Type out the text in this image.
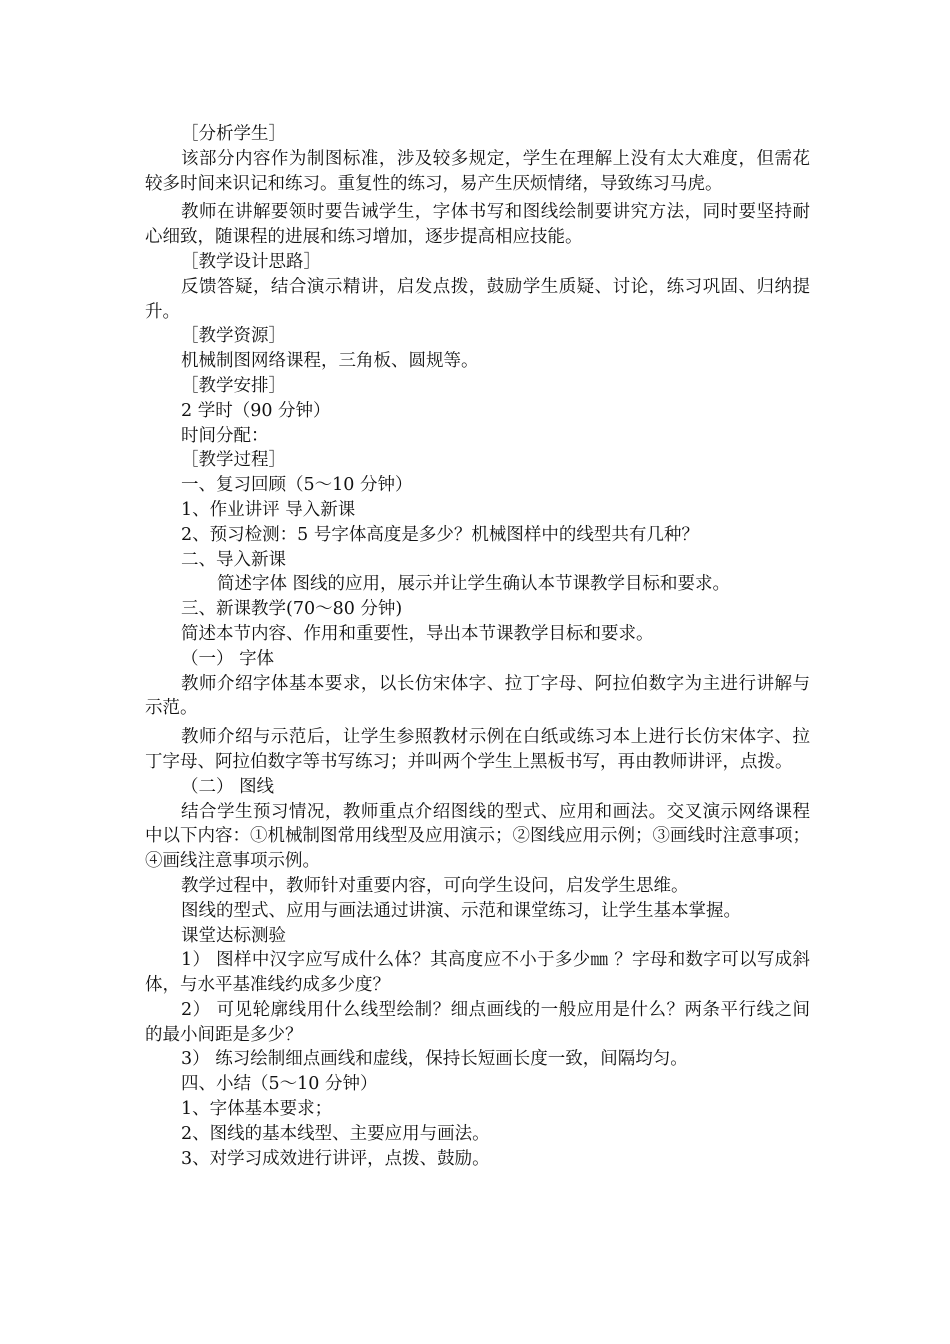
［分析学生］

该部分内容作为制图标准，涉及较多规定，学生在理解上没有太大难度，但需花较多时间来识记和练习。重复性的练习，易产生厌烦情绪，导致练习马虎。

教师在讲解要领时要告诫学生，字体书写和图线绘制要讲究方法，同时要坚持耐心细致，随课程的进展和练习增加，逐步提高相应技能。

［教学设计思路］

反馈答疑，结合演示精讲，启发点拨，鼓励学生质疑、讨论，练习巩固、归纳提升。

［教学资源］

机械制图网络课程，三角板、圆规等。

［教学安排］

2 学时（90 分钟）

时间分配：

［教学过程］

一、复习回顾（5～10 分钟）

1、作业讲评 导入新课

2、预习检测：5 号字体高度是多少？机械图样中的线型共有几种？

二、导入新课

简述字体 图线的应用，展示并让学生确认本节课教学目标和要求。

三、新课教学(70～80 分钟)

简述本节内容、作用和重要性，导出本节课教学目标和要求。

（一） 字体

教师介绍字体基本要求，以长仿宋体字、拉丁字母、阿拉伯数字为主进行讲解与示范。

教师介绍与示范后，让学生参照教材示例在白纸或练习本上进行长仿宋体字、拉丁字母、阿拉伯数字等书写练习；并叫两个学生上黑板书写，再由教师讲评，点拨。

（二） 图线

结合学生预习情况，教师重点介绍图线的型式、应用和画法。交叉演示网络课程中以下内容：①机械制图常用线型及应用演示；②图线应用示例；③画线时注意事项；④画线注意事项示例。

教学过程中，教师针对重要内容，可向学生设问，启发学生思维。

图线的型式、应用与画法通过讲演、示范和课堂练习，让学生基本掌握。

课堂达标测验

1） 图样中汉字应写成什么体？其高度应不小于多少㎜ ？字母和数字可以写成斜体，与水平基准线约成多少度？

2） 可见轮廓线用什么线型绘制？细点画线的一般应用是什么？两条平行线之间的最小间距是多少？

3） 练习绘制细点画线和虚线，保持长短画长度一致，间隔均匀。

四、小结（5～10 分钟）

1、字体基本要求；

2、图线的基本线型、主要应用与画法。

3、对学习成效进行讲评，点拨、鼓励。
